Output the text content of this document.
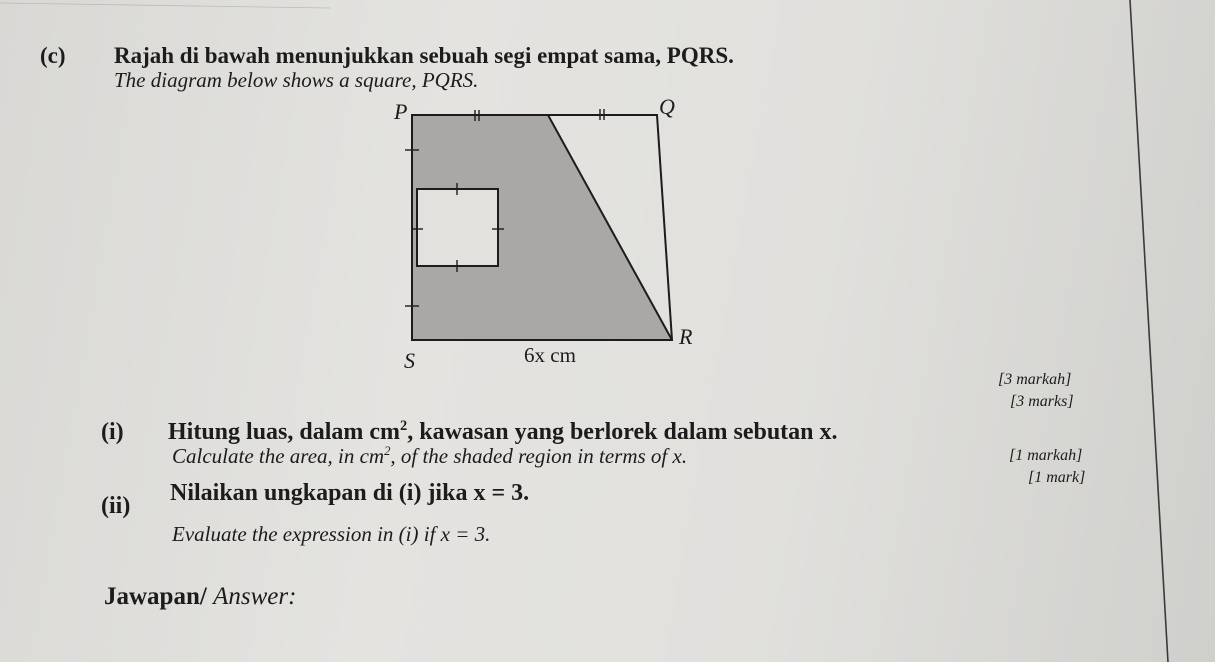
(c) Rajah di bawah menunjukkan sebuah segi empat sama, PQRS.
The diagram below shows a square, PQRS.
P	Q
R
S	6x cm
[3 markah]
[3 marks]
(i) Hitung luas, dalam $cm^2$, kawasan yang berlorek dalam sebutan x.
Calculate the area, in $cm^2$, of the shaded region in terms of x.	[1 markah]
[1 mark]
(ii) Nilaikan ungkapan di (i) jika x = 3.
Evaluate the expression in (i) if x = 3.
Jawapan/ Answer:
